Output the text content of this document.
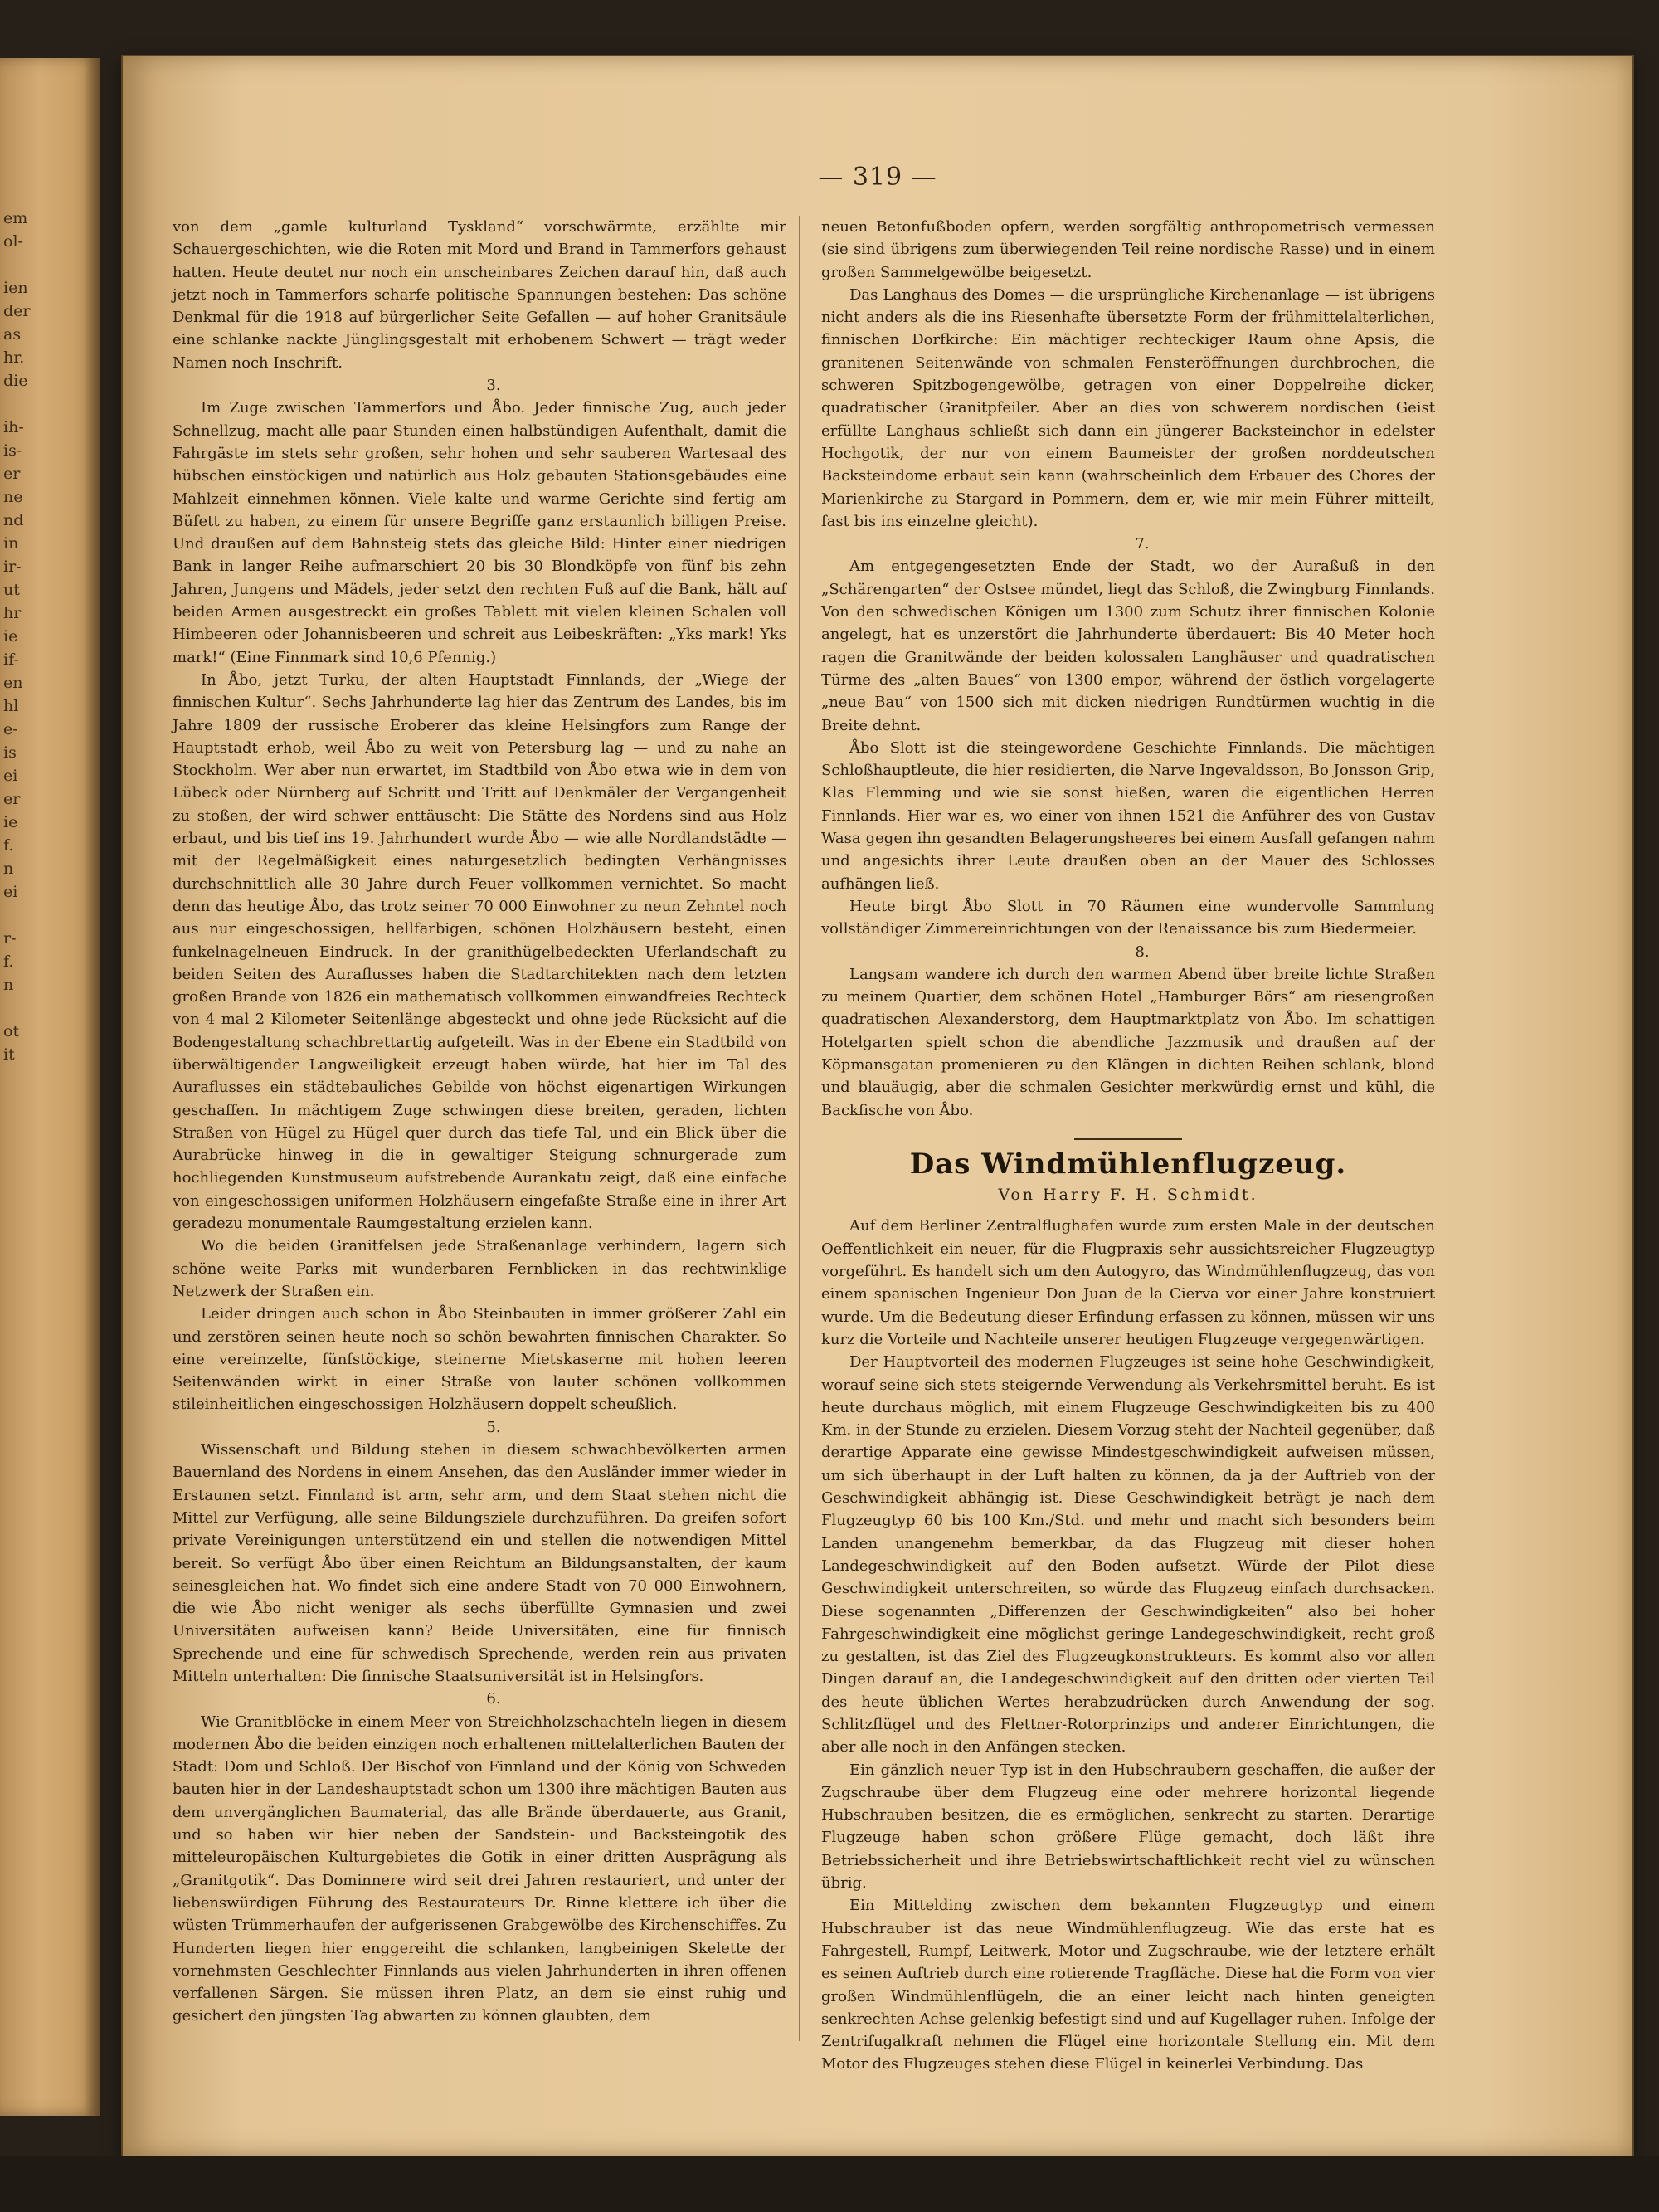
em
ol-
ien
der
as
hr.
die
ih-
is-
er
ne
nd
in
ir-
ut
hr
ie
if-
en
hl
e-
is
ei
er
ie
f.
n
ei
r-
f.
n
ot
it
— 319 —

von dem „gamle kulturland Tyskland“ vorschwärmte, erzählte mir Schauergeschichten, wie die Roten mit Mord und Brand in Tammerfors gehaust hatten. Heute deutet nur noch ein unscheinbares Zeichen darauf hin, daß auch jetzt noch in Tammerfors scharfe politische Spannungen bestehen: Das schöne Denkmal für die 1918 auf bürgerlicher Seite Gefallen — auf hoher Granitsäule eine schlanke nackte Jünglingsgestalt mit erhobenem Schwert — trägt weder Namen noch Inschrift.

3.

Im Zuge zwischen Tammerfors und Åbo. Jeder finnische Zug, auch jeder Schnellzug, macht alle paar Stunden einen halbstündigen Aufenthalt, damit die Fahrgäste im stets sehr großen, sehr hohen und sehr sauberen Wartesaal des hübschen einstöckigen und natürlich aus Holz gebauten Stationsgebäudes eine Mahlzeit einnehmen können. Viele kalte und warme Gerichte sind fertig am Büfett zu haben, zu einem für unsere Begriffe ganz erstaunlich billigen Preise. Und draußen auf dem Bahnsteig stets das gleiche Bild: Hinter einer niedrigen Bank in langer Reihe aufmarschiert 20 bis 30 Blondköpfe von fünf bis zehn Jahren, Jungens und Mädels, jeder setzt den rechten Fuß auf die Bank, hält auf beiden Armen ausgestreckt ein großes Tablett mit vielen kleinen Schalen voll Himbeeren oder Johannisbeeren und schreit aus Leibeskräften: „Yks mark! Yks mark!“ (Eine Finnmark sind 10,6 Pfennig.)

In Åbo, jetzt Turku, der alten Hauptstadt Finnlands, der „Wiege der finnischen Kultur“. Sechs Jahrhunderte lag hier das Zentrum des Landes, bis im Jahre 1809 der russische Eroberer das kleine Helsingfors zum Range der Hauptstadt erhob, weil Åbo zu weit von Petersburg lag — und zu nahe an Stockholm. Wer aber nun erwartet, im Stadtbild von Åbo etwa wie in dem von Lübeck oder Nürnberg auf Schritt und Tritt auf Denkmäler der Vergangenheit zu stoßen, der wird schwer enttäuscht: Die Stätte des Nordens sind aus Holz erbaut, und bis tief ins 19. Jahrhundert wurde Åbo — wie alle Nordlandstädte — mit der Regelmäßigkeit eines naturgesetzlich bedingten Verhängnisses durchschnittlich alle 30 Jahre durch Feuer vollkommen vernichtet. So macht denn das heutige Åbo, das trotz seiner 70 000 Einwohner zu neun Zehntel noch aus nur eingeschossigen, hellfarbigen, schönen Holzhäusern besteht, einen funkelnagelneuen Eindruck. In der granithügelbedeckten Uferlandschaft zu beiden Seiten des Auraflusses haben die Stadtarchitekten nach dem letzten großen Brande von 1826 ein mathematisch vollkommen einwandfreies Rechteck von 4 mal 2 Kilometer Seitenlänge abgesteckt und ohne jede Rücksicht auf die Bodengestaltung schachbrettartig aufgeteilt. Was in der Ebene ein Stadtbild von überwältigender Langweiligkeit erzeugt haben würde, hat hier im Tal des Auraflusses ein städtebauliches Gebilde von höchst eigenartigen Wirkungen geschaffen. In mächtigem Zuge schwingen diese breiten, geraden, lichten Straßen von Hügel zu Hügel quer durch das tiefe Tal, und ein Blick über die Aurabrücke hinweg in die in gewaltiger Steigung schnurgerade zum hochliegenden Kunstmuseum aufstrebende Aurankatu zeigt, daß eine einfache von eingeschossigen uniformen Holzhäusern eingefaßte Straße eine in ihrer Art geradezu monumentale Raumgestaltung erzielen kann.

Wo die beiden Granitfelsen jede Straßenanlage verhindern, lagern sich schöne weite Parks mit wunderbaren Fernblicken in das rechtwinklige Netzwerk der Straßen ein.

Leider dringen auch schon in Åbo Steinbauten in immer größerer Zahl ein und zerstören seinen heute noch so schön bewahrten finnischen Charakter. So eine vereinzelte, fünfstöckige, steinerne Mietskaserne mit hohen leeren Seitenwänden wirkt in einer Straße von lauter schönen vollkommen stileinheitlichen eingeschossigen Holzhäusern doppelt scheußlich.

5.

Wissenschaft und Bildung stehen in diesem schwachbevölkerten armen Bauernland des Nordens in einem Ansehen, das den Ausländer immer wieder in Erstaunen setzt. Finnland ist arm, sehr arm, und dem Staat stehen nicht die Mittel zur Verfügung, alle seine Bildungsziele durchzuführen. Da greifen sofort private Vereinigungen unterstützend ein und stellen die notwendigen Mittel bereit. So verfügt Åbo über einen Reichtum an Bildungsanstalten, der kaum seinesgleichen hat. Wo findet sich eine andere Stadt von 70 000 Einwohnern, die wie Åbo nicht weniger als sechs überfüllte Gymnasien und zwei Universitäten aufweisen kann? Beide Universitäten, eine für finnisch Sprechende und eine für schwedisch Sprechende, werden rein aus privaten Mitteln unterhalten: Die finnische Staatsuniversität ist in Helsingfors.

6.

Wie Granitblöcke in einem Meer von Streichholzschachteln liegen in diesem modernen Åbo die beiden einzigen noch erhaltenen mittelalterlichen Bauten der Stadt: Dom und Schloß. Der Bischof von Finnland und der König von Schweden bauten hier in der Landeshauptstadt schon um 1300 ihre mächtigen Bauten aus dem unvergänglichen Baumaterial, das alle Brände überdauerte, aus Granit, und so haben wir hier neben der Sandstein- und Backsteingotik des mitteleuropäischen Kulturgebietes die Gotik in einer dritten Ausprägung als „Granitgotik“. Das Dominnere wird seit drei Jahren restauriert, und unter der liebenswürdigen Führung des Restaurateurs Dr. Rinne klettere ich über die wüsten Trümmerhaufen der aufgerissenen Grabgewölbe des Kirchenschiffes. Zu Hunderten liegen hier enggereiht die schlanken, langbeinigen Skelette der vornehmsten Geschlechter Finnlands aus vielen Jahrhunderten in ihren offenen verfallenen Särgen. Sie müssen ihren Platz, an dem sie einst ruhig und gesichert den jüngsten Tag abwarten zu können glaubten, dem

neuen Betonfußboden opfern, werden sorgfältig anthropometrisch vermessen (sie sind übrigens zum überwiegenden Teil reine nordische Rasse) und in einem großen Sammelgewölbe beigesetzt.

Das Langhaus des Domes — die ursprüngliche Kirchenanlage — ist übrigens nicht anders als die ins Riesenhafte übersetzte Form der frühmittelalterlichen, finnischen Dorfkirche: Ein mächtiger rechteckiger Raum ohne Apsis, die granitenen Seitenwände von schmalen Fensteröffnungen durchbrochen, die schweren Spitzbogengewölbe, getragen von einer Doppelreihe dicker, quadratischer Granitpfeiler. Aber an dies von schwerem nordischen Geist erfüllte Langhaus schließt sich dann ein jüngerer Backsteinchor in edelster Hochgotik, der nur von einem Baumeister der großen norddeutschen Backsteindome erbaut sein kann (wahrscheinlich dem Erbauer des Chores der Marienkirche zu Stargard in Pommern, dem er, wie mir mein Führer mitteilt, fast bis ins einzelne gleicht).

7.

Am entgegengesetzten Ende der Stadt, wo der Auraßuß in den „Schärengarten“ der Ostsee mündet, liegt das Schloß, die Zwingburg Finnlands. Von den schwedischen Königen um 1300 zum Schutz ihrer finnischen Kolonie angelegt, hat es unzerstört die Jahrhunderte überdauert: Bis 40 Meter hoch ragen die Granitwände der beiden kolossalen Langhäuser und quadratischen Türme des „alten Baues“ von 1300 empor, während der östlich vorgelagerte „neue Bau“ von 1500 sich mit dicken niedrigen Rundtürmen wuchtig in die Breite dehnt.

Åbo Slott ist die steingewordene Geschichte Finnlands. Die mächtigen Schloßhauptleute, die hier residierten, die Narve Ingevaldsson, Bo Jonsson Grip, Klas Flemming und wie sie sonst hießen, waren die eigentlichen Herren Finnlands. Hier war es, wo einer von ihnen 1521 die Anführer des von Gustav Wasa gegen ihn gesandten Belagerungsheeres bei einem Ausfall gefangen nahm und angesichts ihrer Leute draußen oben an der Mauer des Schlosses aufhängen ließ.

Heute birgt Åbo Slott in 70 Räumen eine wundervolle Sammlung vollständiger Zimmereinrichtungen von der Renaissance bis zum Biedermeier.

8.

Langsam wandere ich durch den warmen Abend über breite lichte Straßen zu meinem Quartier, dem schönen Hotel „Hamburger Börs“ am riesengroßen quadratischen Alexanderstorg, dem Hauptmarktplatz von Åbo. Im schattigen Hotelgarten spielt schon die abendliche Jazzmusik und draußen auf der Köpmansgatan promenieren zu den Klängen in dichten Reihen schlank, blond und blauäugig, aber die schmalen Gesichter merkwürdig ernst und kühl, die Backfische von Åbo.

Das Windmühlenflugzeug.
Von Harry F. H. Schmidt.

Auf dem Berliner Zentralflughafen wurde zum ersten Male in der deutschen Oeffentlichkeit ein neuer, für die Flugpraxis sehr aussichtsreicher Flugzeugtyp vorgeführt. Es handelt sich um den Autogyro, das Windmühlenflugzeug, das von einem spanischen Ingenieur Don Juan de la Cierva vor einer Jahre konstruiert wurde. Um die Bedeutung dieser Erfindung erfassen zu können, müssen wir uns kurz die Vorteile und Nachteile unserer heutigen Flugzeuge vergegenwärtigen.

Der Hauptvorteil des modernen Flugzeuges ist seine hohe Geschwindigkeit, worauf seine sich stets steigernde Verwendung als Verkehrsmittel beruht. Es ist heute durchaus möglich, mit einem Flugzeuge Geschwindigkeiten bis zu 400 Km. in der Stunde zu erzielen. Diesem Vorzug steht der Nachteil gegenüber, daß derartige Apparate eine gewisse Mindestgeschwindigkeit aufweisen müssen, um sich überhaupt in der Luft halten zu können, da ja der Auftrieb von der Geschwindigkeit abhängig ist. Diese Geschwindigkeit beträgt je nach dem Flugzeugtyp 60 bis 100 Km./Std. und mehr und macht sich besonders beim Landen unangenehm bemerkbar, da das Flugzeug mit dieser hohen Landegeschwindigkeit auf den Boden aufsetzt. Würde der Pilot diese Geschwindigkeit unterschreiten, so würde das Flugzeug einfach durchsacken. Diese sogenannten „Differenzen der Geschwindigkeiten“ also bei hoher Fahrgeschwindigkeit eine möglichst geringe Landegeschwindigkeit, recht groß zu gestalten, ist das Ziel des Flugzeugkonstrukteurs. Es kommt also vor allen Dingen darauf an, die Landegeschwindigkeit auf den dritten oder vierten Teil des heute üblichen Wertes herabzudrücken durch Anwendung der sog. Schlitzflügel und des Flettner-Rotorprinzips und anderer Einrichtungen, die aber alle noch in den Anfängen stecken.

Ein gänzlich neuer Typ ist in den Hubschraubern geschaffen, die außer der Zugschraube über dem Flugzeug eine oder mehrere horizontal liegende Hubschrauben besitzen, die es ermöglichen, senkrecht zu starten. Derartige Flugzeuge haben schon größere Flüge gemacht, doch läßt ihre Betriebssicherheit und ihre Betriebswirtschaftlichkeit recht viel zu wünschen übrig.

Ein Mittelding zwischen dem bekannten Flugzeugtyp und einem Hubschrauber ist das neue Windmühlenflugzeug. Wie das erste hat es Fahrgestell, Rumpf, Leitwerk, Motor und Zugschraube, wie der letztere erhält es seinen Auftrieb durch eine rotierende Tragfläche. Diese hat die Form von vier großen Windmühlenflügeln, die an einer leicht nach hinten geneigten senkrechten Achse gelenkig befestigt sind und auf Kugellager ruhen. Infolge der Zentrifugalkraft nehmen die Flügel eine horizontale Stellung ein. Mit dem Motor des Flugzeuges stehen diese Flügel in keinerlei Verbindung. Das
